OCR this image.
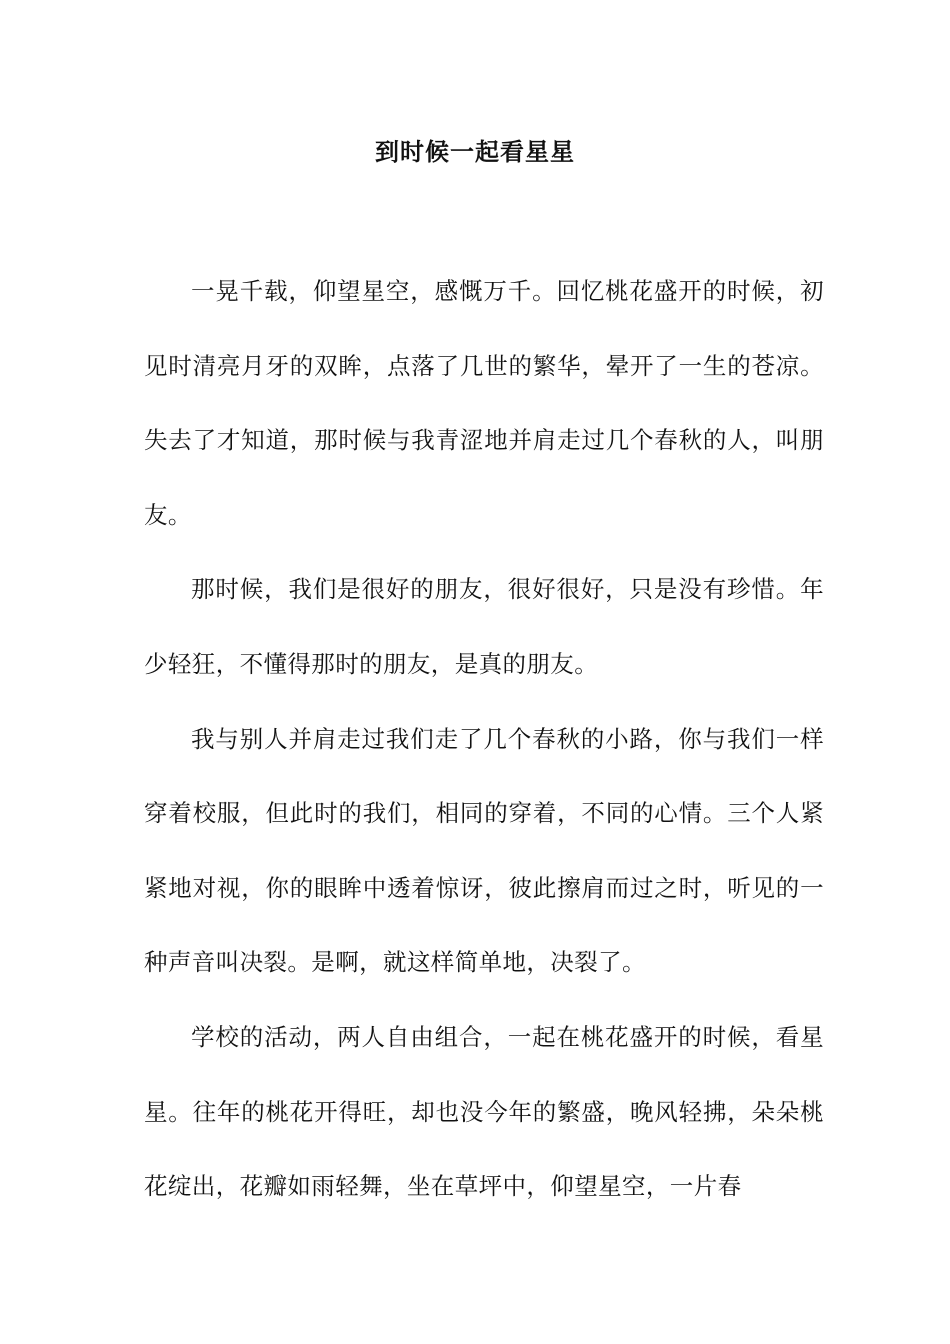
到时候一起看星星

一晃千载，仰望星空，感慨万千。回忆桃花盛开的时候，初见时清亮月牙的双眸，点落了几世的繁华，晕开了一生的苍凉。失去了才知道，那时候与我青涩地并肩走过几个春秋的人，叫朋友。

那时候，我们是很好的朋友，很好很好，只是没有珍惜。年少轻狂，不懂得那时的朋友，是真的朋友。

我与别人并肩走过我们走了几个春秋的小路，你与我们一样穿着校服，但此时的我们，相同的穿着，不同的心情。三个人紧紧地对视，你的眼眸中透着惊讶，彼此擦肩而过之时，听见的一种声音叫决裂。是啊，就这样简单地，决裂了。

学校的活动，两人自由组合，一起在桃花盛开的时候，看星星。往年的桃花开得旺，却也没今年的繁盛，晚风轻拂，朵朵桃花绽出，花瓣如雨轻舞，坐在草坪中，仰望星空，一片春
